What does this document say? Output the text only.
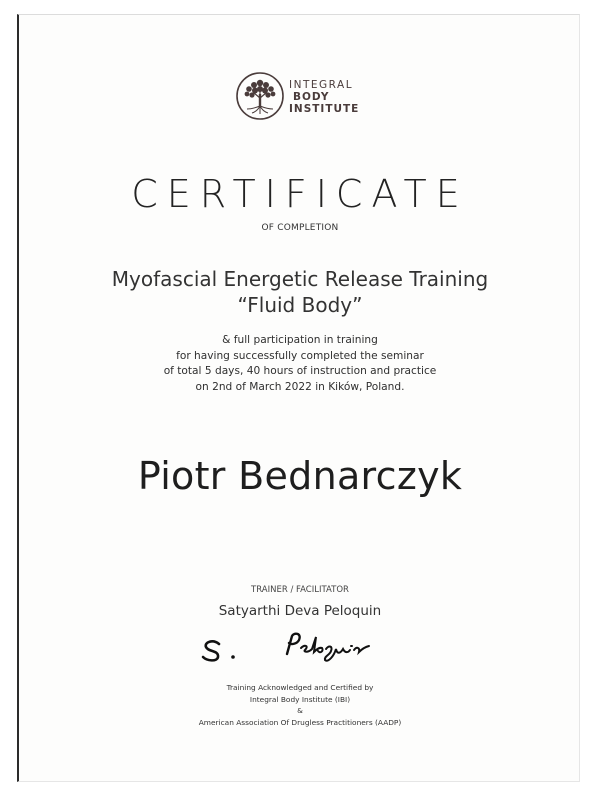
INTEGRAL
BODY
INSTITUTE
CERTIFICATE
OF COMPLETION
Myofascial Energetic Release Training
“Fluid Body”
& full participation in training
for having successfully completed the seminar
of total 5 days, 40 hours of instruction and practice
on 2nd of March 2022 in Kików, Poland.
Piotr Bednarczyk
TRAINER / FACILITATOR
Satyarthi Deva Peloquin
Training Acknowledged and Certified by
Integral Body Institute (IBI)
&
American Association Of Drugless Practitioners (AADP)
